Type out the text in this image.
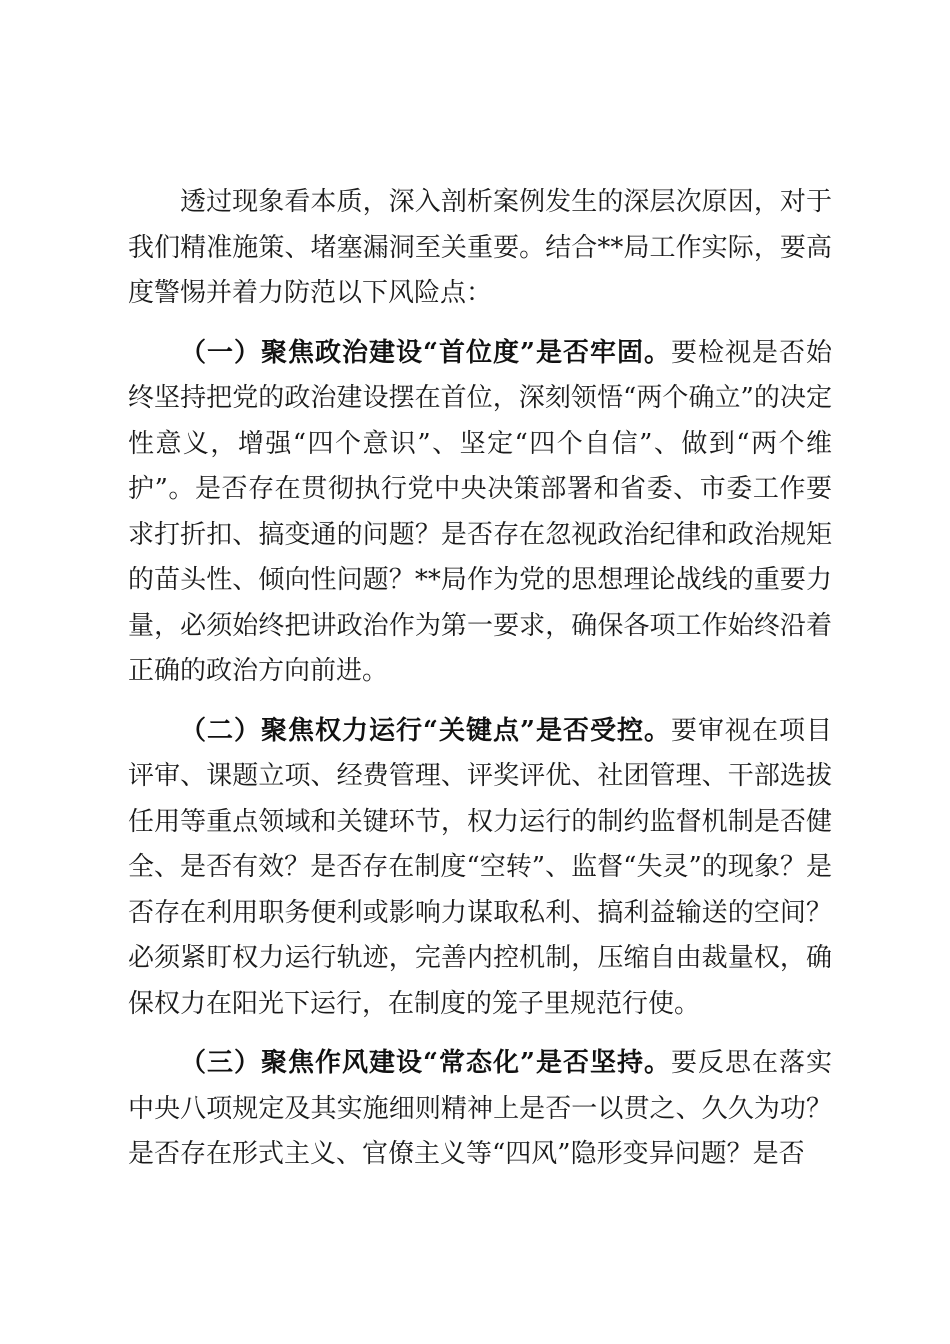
透过现象看本质，深入剖析案例发生的深层次原因，对于我们精准施策、堵塞漏洞至关重要。结合**局工作实际，要高度警惕并着力防范以下风险点：

（一）聚焦政治建设“首位度”是否牢固。要检视是否始终坚持把党的政治建设摆在首位，深刻领悟“两个确立”的决定性意义，增强“四个意识”、坚定“四个自信”、做到“两个维护”。是否存在贯彻执行党中央决策部署和省委、市委工作要求打折扣、搞变通的问题？是否存在忽视政治纪律和政治规矩的苗头性、倾向性问题？**局作为党的思想理论战线的重要力量，必须始终把讲政治作为第一要求，确保各项工作始终沿着正确的政治方向前进。

（二）聚焦权力运行“关键点”是否受控。要审视在项目评审、课题立项、经费管理、评奖评优、社团管理、干部选拔任用等重点领域和关键环节，权力运行的制约监督机制是否健全、是否有效？是否存在制度“空转”、监督“失灵”的现象？是否存在利用职务便利或影响力谋取私利、搞利益输送的空间？必须紧盯权力运行轨迹，完善内控机制，压缩自由裁量权，确保权力在阳光下运行，在制度的笼子里规范行使。

（三）聚焦作风建设“常态化”是否坚持。要反思在落实中央八项规定及其实施细则精神上是否一以贯之、久久为功？是否存在形式主义、官僚主义等“四风”隐形变异问题？是否
